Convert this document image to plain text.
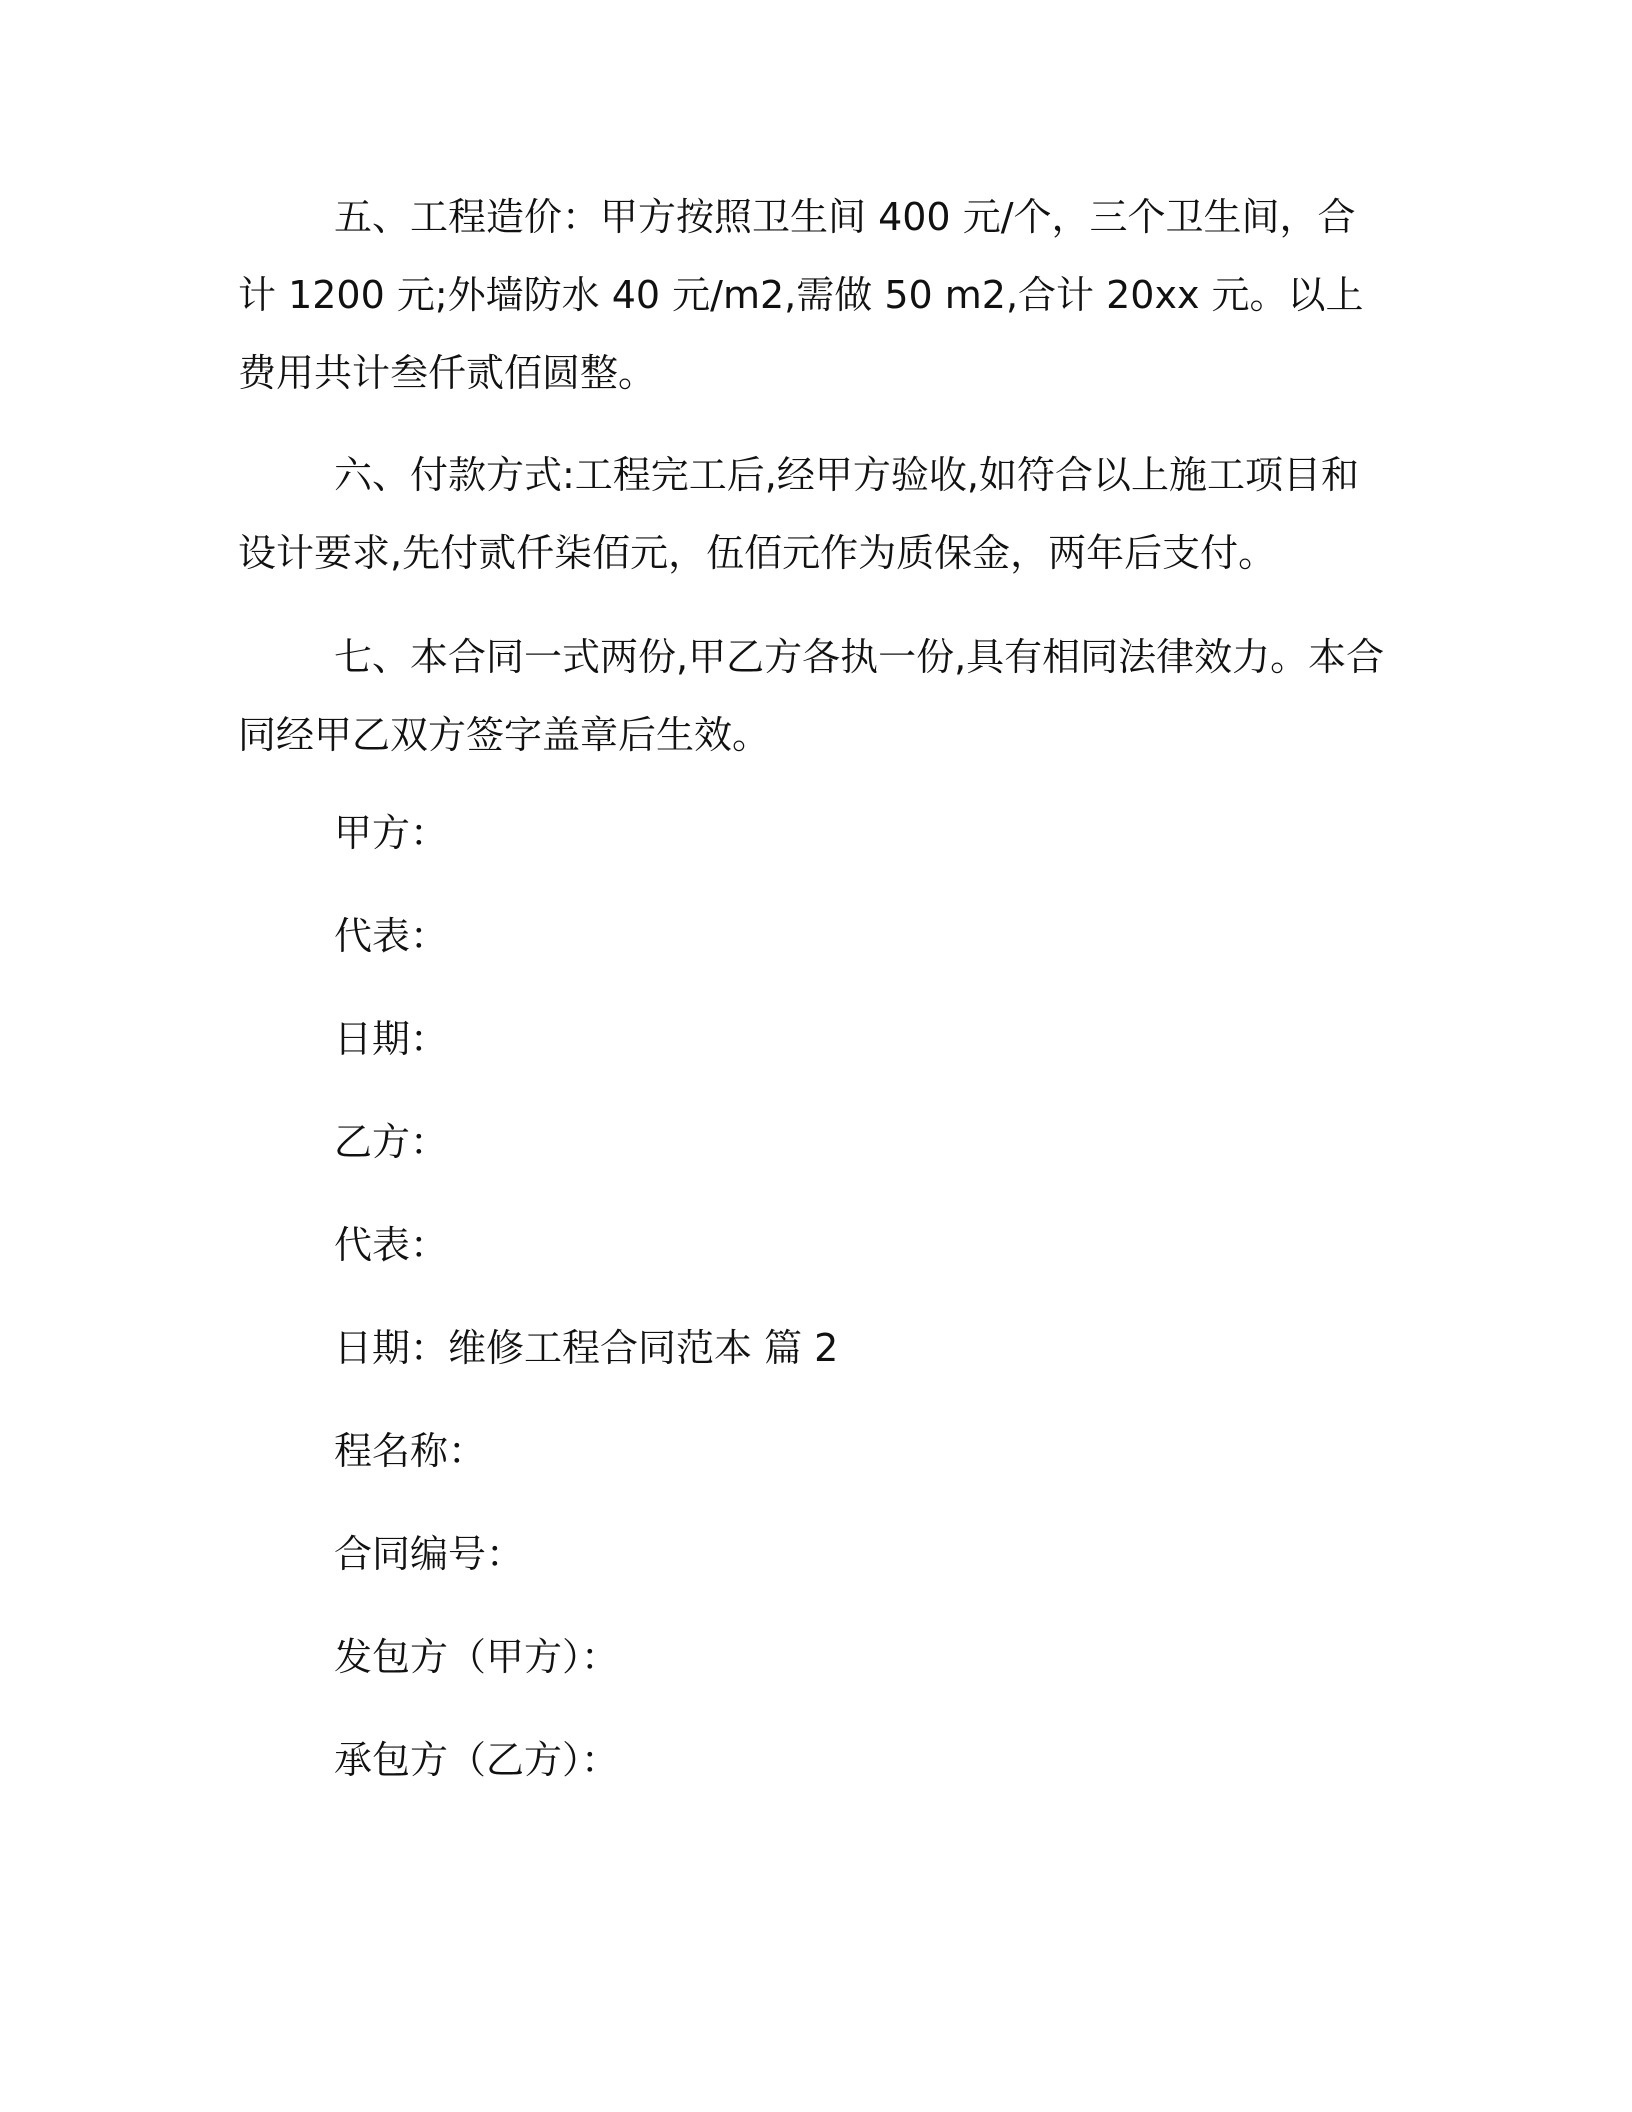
五、工程造价：甲方按照卫生间 400 元/个，三个卫生间，合计 1200 元;外墙防水 40 元/m2,需做 50 m2,合计 20xx 元。以上费用共计叁仟贰佰圆整。

六、付款方式:工程完工后,经甲方验收,如符合以上施工项目和设计要求,先付贰仟柒佰元，伍佰元作为质保金，两年后支付。

七、本合同一式两份,甲乙方各执一份,具有相同法律效力。本合同经甲乙双方签字盖章后生效。

甲方：

代表：

日期：

乙方：

代表：

日期：维修工程合同范本 篇 2

程名称：

合同编号：

发包方（甲方）：

承包方（乙方）：
